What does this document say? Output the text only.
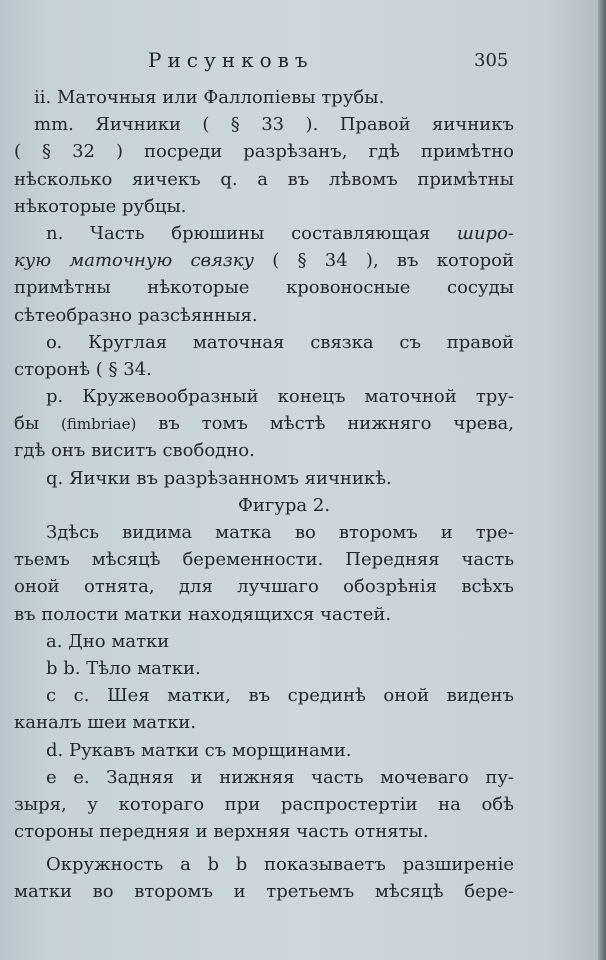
Рисунковъ	305
ii. Маточныя или Фаллопіевы трубы.
mm. Яичники ( § 33 ). Правой яичникъ
( § 32 ) посреди разрѣзанъ, гдѣ примѣтно
нѣсколько яичекъ q. а въ лѣвомъ примѣтны
нѣкоторые рубцы.
n. Часть брюшины составляющая широ-
кую маточную связку ( § 34 ), въ которой
примѣтны нѣкоторые кровоносные сосуды
сѣтеобразно разсѣянныя.
o. Круглая маточная связка съ правой
сторонѣ ( § 34.
p. Кружевообразный конецъ маточной тру-
бы (fimbriae) въ томъ мѣстѣ нижняго чрева,
гдѣ онъ виситъ свободно.
q. Яички въ разрѣзанномъ яичникѣ.
Фигура 2.
Здѣсь видима матка во второмъ и тре-
тьемъ мѣсяцѣ беременности. Передняя часть
оной отнята, для лучшаго обозрѣнія всѣхъ
въ полости матки находящихся частей.
a. Дно матки
b b. Тѣло матки.
c c. Шея матки, въ срединѣ оной виденъ
каналъ шеи матки.
d. Рукавъ матки съ морщинами.
e e. Задняя и нижняя часть мочеваго пу-
зыря, у котораго при распростертіи на обѣ
стороны передняя и верхняя часть отняты.
Окружность a b b показываетъ разширеніе
матки во второмъ и третьемъ мѣсяцѣ бере-
